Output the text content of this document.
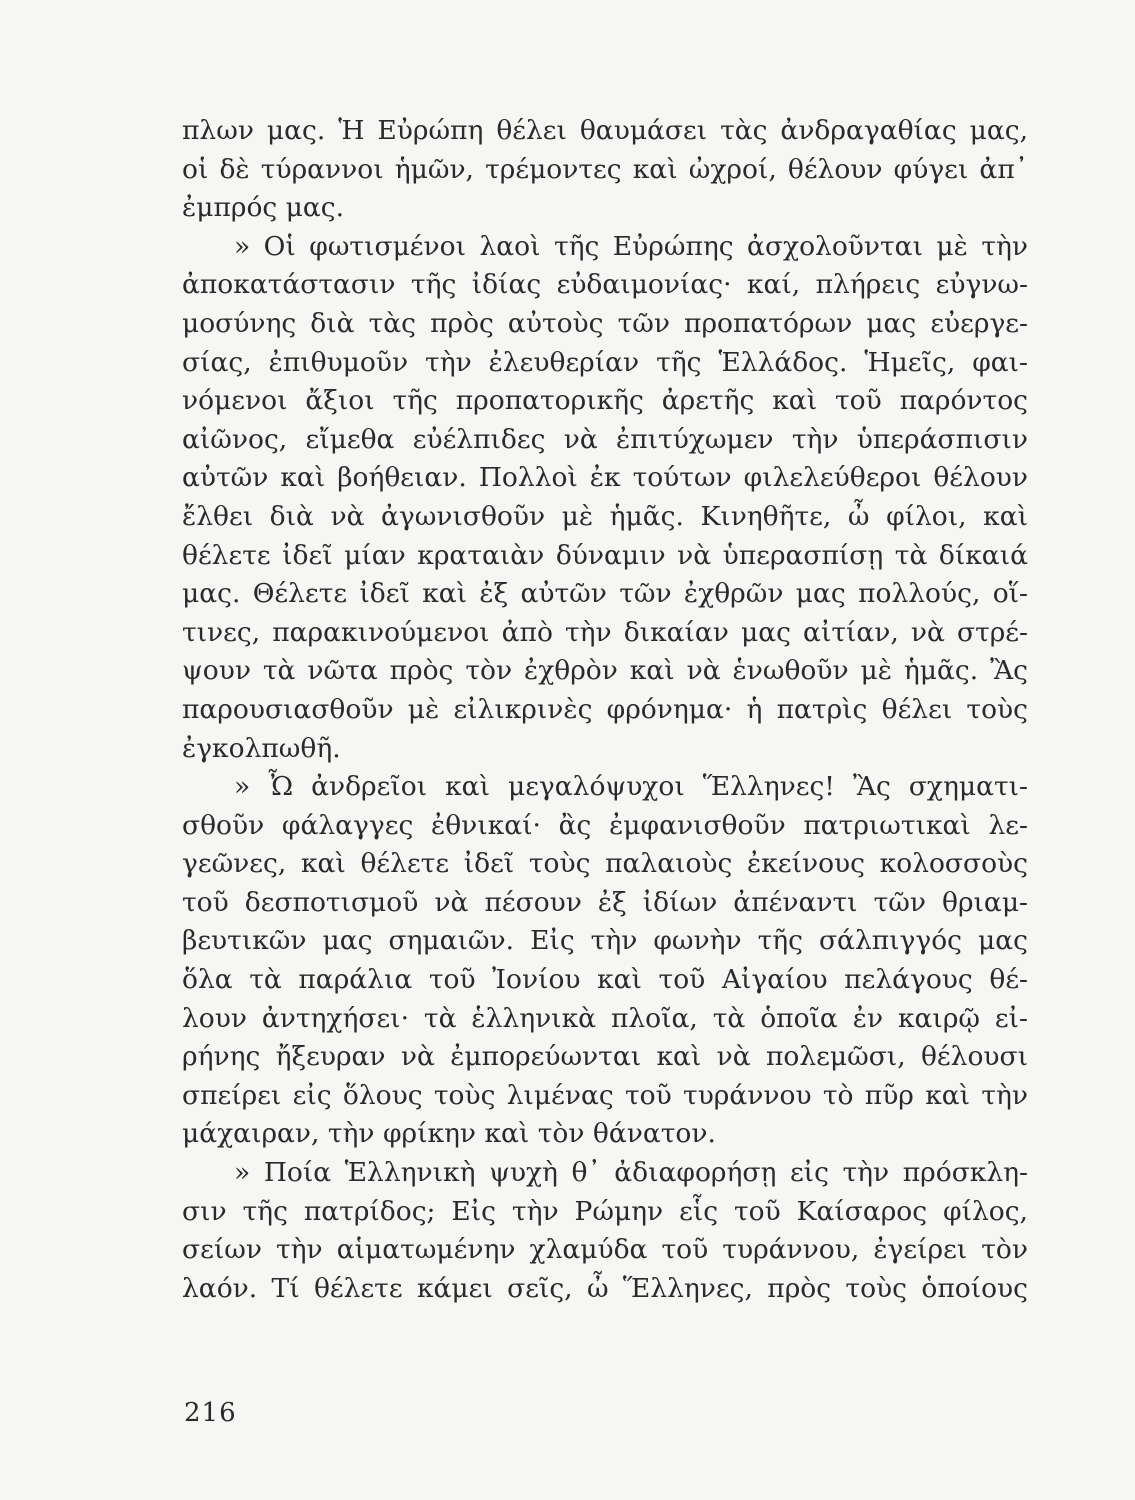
πλων μας. Ἡ Εὐρώπη θέλει θαυμάσει τὰς ἀνδραγαθίας μας,
οἱ δὲ τύραννοι ἡμῶν, τρέμοντες καὶ ὠχροί, θέλουν φύγει ἀπ᾽
ἐμπρός μας.
» Οἱ φωτισμένοι λαοὶ τῆς Εὐρώπης ἀσχολοῦνται μὲ τὴν
ἀποκατάστασιν τῆς ἰδίας εὐδαιμονίας· καί, πλήρεις εὐγνω-
μοσύνης διὰ τὰς πρὸς αὐτοὺς τῶν προπατόρων μας εὐεργε-
σίας, ἐπιθυμοῦν τὴν ἐλευθερίαν τῆς Ἑλλάδος. Ἡμεῖς, φαι-
νόμενοι ἄξιοι τῆς προπατορικῆς ἀρετῆς καὶ τοῦ παρόντος
αἰῶνος, εἴμεθα εὐέλπιδες νὰ ἐπιτύχωμεν τὴν ὑπεράσπισιν
αὐτῶν καὶ βοήθειαν. Πολλοὶ ἐκ τούτων φιλελεύθεροι θέλουν
ἔλθει διὰ νὰ ἀγωνισθοῦν μὲ ἡμᾶς. Κινηθῆτε, ὦ φίλοι, καὶ
θέλετε ἰδεῖ μίαν κραταιὰν δύναμιν νὰ ὑπερασπίσῃ τὰ δίκαιά
μας. Θέλετε ἰδεῖ καὶ ἐξ αὐτῶν τῶν ἐχθρῶν μας πολλούς, οἵ-
τινες, παρακινούμενοι ἀπὸ τὴν δικαίαν μας αἰτίαν, νὰ στρέ-
ψουν τὰ νῶτα πρὸς τὸν ἐχθρὸν καὶ νὰ ἑνωθοῦν μὲ ἡμᾶς. Ἂς
παρουσιασθοῦν μὲ εἰλικρινὲς φρόνημα· ἡ πατρὶς θέλει τοὺς
ἐγκολπωθῆ.
» Ὦ ἀνδρεῖοι καὶ μεγαλόψυχοι Ἕλληνες! Ἂς σχηματι-
σθοῦν φάλαγγες ἐθνικαί· ἂς ἐμφανισθοῦν πατριωτικαὶ λε-
γεῶνες, καὶ θέλετε ἰδεῖ τοὺς παλαιοὺς ἐκείνους κολοσσοὺς
τοῦ δεσποτισμοῦ νὰ πέσουν ἐξ ἰδίων ἀπέναντι τῶν θριαμ-
βευτικῶν μας σημαιῶν. Εἰς τὴν φωνὴν τῆς σάλπιγγός μας
ὅλα τὰ παράλια τοῦ Ἰονίου καὶ τοῦ Αἰγαίου πελάγους θέ-
λουν ἀντηχήσει· τὰ ἑλληνικὰ πλοῖα, τὰ ὁποῖα ἐν καιρῷ εἰ-
ρήνης ἤξευραν νὰ ἐμπορεύωνται καὶ νὰ πολεμῶσι, θέλουσι
σπείρει εἰς ὅλους τοὺς λιμένας τοῦ τυράννου τὸ πῦρ καὶ τὴν
μάχαιραν, τὴν φρίκην καὶ τὸν θάνατον.
» Ποία Ἑλληνικὴ ψυχὴ θ᾽ ἀδιαφορήσῃ εἰς τὴν πρόσκλη-
σιν τῆς πατρίδος; Εἰς τὴν Ρώμην εἷς τοῦ Καίσαρος φίλος,
σείων τὴν αἱματωμένην χλαμύδα τοῦ τυράννου, ἐγείρει τὸν
λαόν. Τί θέλετε κάμει σεῖς, ὦ Ἕλληνες, πρὸς τοὺς ὁποίους
216
